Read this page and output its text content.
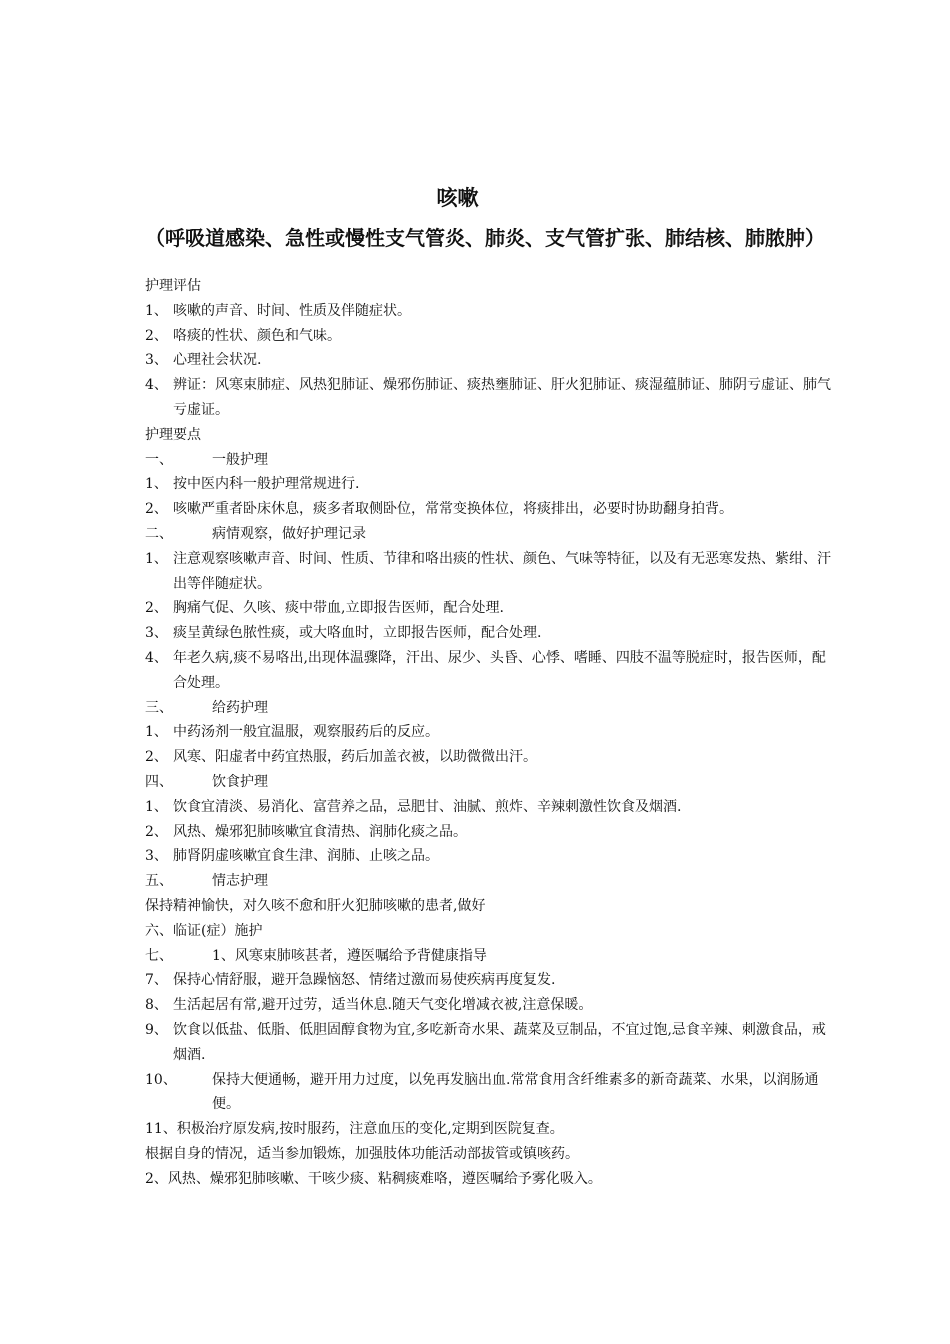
咳嗽
（呼吸道感染、急性或慢性支气管炎、肺炎、支气管扩张、肺结核、肺脓肿）
护理评估
1、 咳嗽的声音、时间、性质及伴随症状。
2、 咯痰的性状、颜色和气味。
3、 心理社会状况.
4、 辨证：风寒束肺症、风热犯肺证、燥邪伤肺证、痰热壅肺证、肝火犯肺证、痰湿蕴肺证、肺阴亏虚证、肺气亏虚证。
护理要点
一、	一般护理
1、 按中医内科一般护理常规进行.
2、 咳嗽严重者卧床休息，痰多者取侧卧位，常常变换体位，将痰排出，必要时协助翻身拍背。
二、	病情观察，做好护理记录
1、 注意观察咳嗽声音、时间、性质、节律和咯出痰的性状、颜色、气味等特征，以及有无恶寒发热、紫绀、汗出等伴随症状。
2、 胸痛气促、久咳、痰中带血,立即报告医师，配合处理.
3、 痰呈黄绿色脓性痰，或大咯血时，立即报告医师，配合处理.
4、 年老久病,痰不易咯出,出现体温骤降，汗出、尿少、头昏、心悸、嗜睡、四肢不温等脱症时，报告医师，配合处理。
三、	给药护理
1、 中药汤剂一般宜温服，观察服药后的反应。
2、 风寒、阳虚者中药宜热服，药后加盖衣被，以助微微出汗。
四、	饮食护理
1、 饮食宜清淡、易消化、富营养之品，忌肥甘、油腻、煎炸、辛辣刺激性饮食及烟酒.
2、 风热、燥邪犯肺咳嗽宜食清热、润肺化痰之品。
3、 肺肾阴虚咳嗽宜食生津、润肺、止咳之品。
五、	情志护理
保持精神愉快，对久咳不愈和肝火犯肺咳嗽的患者,做好
六、临证(症）施护
七、	1、风寒束肺咳甚者，遵医嘱给予背健康指导
7、 保持心情舒服，避开急躁恼怒、情绪过激而易使疾病再度复发.
8、 生活起居有常,避开过劳，适当休息.随天气变化增减衣被,注意保暖。
9、 饮食以低盐、低脂、低胆固醇食物为宜,多吃新奇水果、蔬菜及豆制品，不宜过饱,忌食辛辣、刺激食品，戒烟酒.
10、	保持大便通畅，避开用力过度，以免再发脑出血.常常食用含纤维素多的新奇蔬菜、水果，以润肠通便。
11、积极治疗原发病,按时服药，注意血压的变化,定期到医院复查。
根据自身的情况，适当参加锻炼，加强肢体功能活动部拔管或镇咳药。
2、风热、燥邪犯肺咳嗽、干咳少痰、粘稠痰难咯，遵医嘱给予雾化吸入。
